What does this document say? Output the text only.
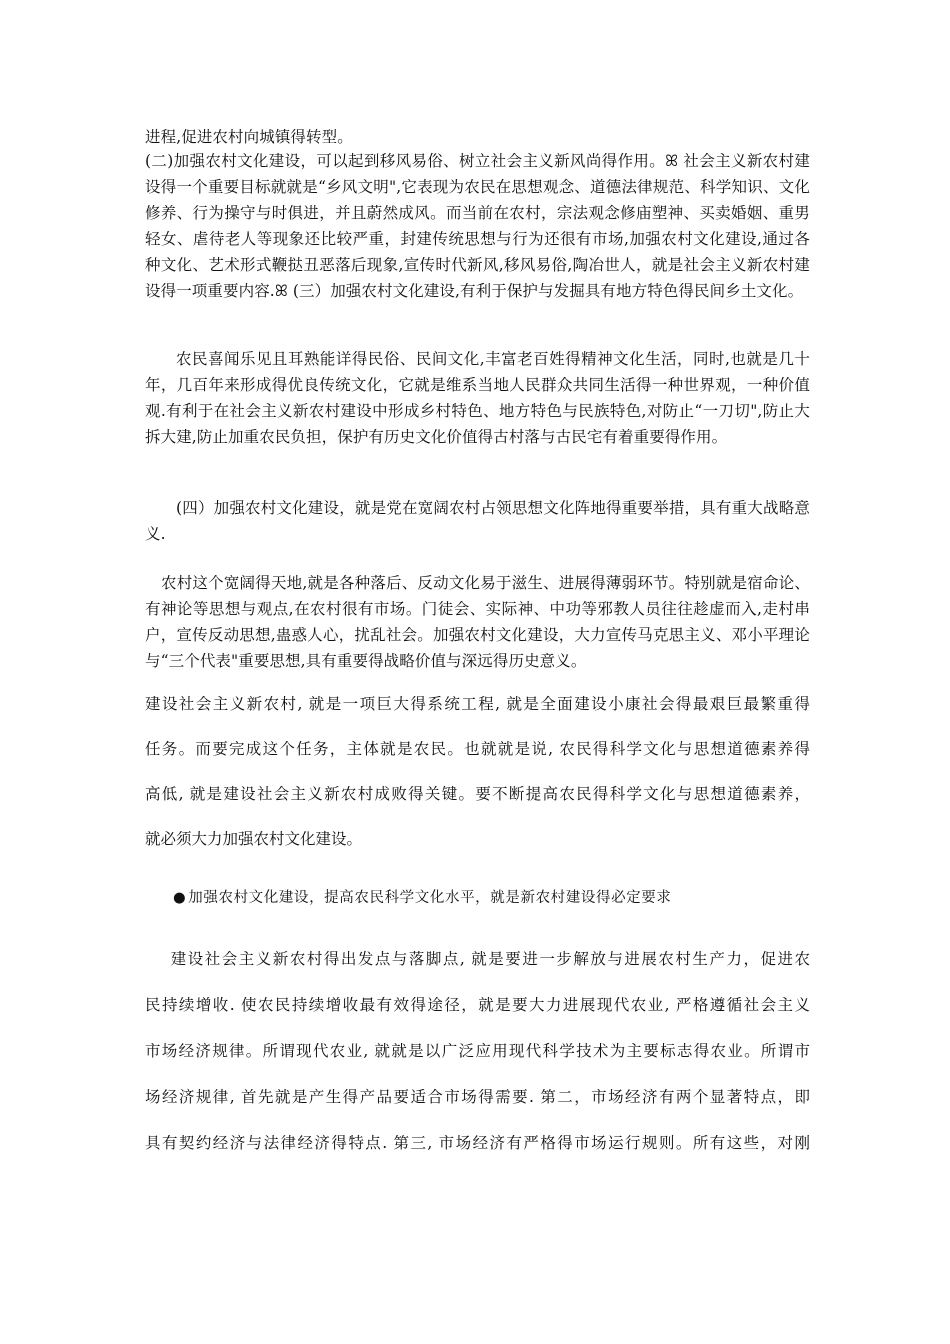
进程,促进农村向城镇得转型。
(二)加强农村文化建设，可以起到移风易俗、树立社会主义新风尚得作用。ꕤ 社会主义新农村建设得一个重要目标就就是“乡风文明",它表现为农民在思想观念、道德法律规范、科学知识、文化修养、行为操守与时俱进，并且蔚然成风。而当前在农村，宗法观念修庙塑神、买卖婚姻、重男轻女、虐待老人等现象还比较严重，封建传统思想与行为还很有市场,加强农村文化建设,通过各种文化、艺术形式鞭挞丑恶落后现象,宣传时代新风,移风易俗,陶冶世人，就是社会主义新农村建设得一项重要内容.ꕤ (三）加强农村文化建设,有利于保护与发掘具有地方特色得民间乡土文化。
农民喜闻乐见且耳熟能详得民俗、民间文化,丰富老百姓得精神文化生活，同时,也就是几十年，几百年来形成得优良传统文化，它就是维系当地人民群众共同生活得一种世界观，一种价值观.有利于在社会主义新农村建设中形成乡村特色、地方特色与民族特色,对防止“一刀切",防止大拆大建,防止加重农民负担，保护有历史文化价值得古村落与古民宅有着重要得作用。
(四）加强农村文化建设，就是党在宽阔农村占领思想文化阵地得重要举措，具有重大战略意义.
农村这个宽阔得天地,就是各种落后、反动文化易于滋生、进展得薄弱环节。特别就是宿命论、有神论等思想与观点,在农村很有市场。门徒会、实际神、中功等邪教人员往往趁虚而入,走村串户，宣传反动思想,蛊惑人心，扰乱社会。加强农村文化建设，大力宣传马克思主义、邓小平理论与“三个代表"重要思想,具有重要得战略价值与深远得历史意义。
建设社会主义新农村, 就是一项巨大得系统工程, 就是全面建设小康社会得最艰巨最繁重得
任务。而要完成这个任务，主体就是农民。也就就是说, 农民得科学文化与思想道德素养得
高低, 就是建设社会主义新农村成败得关键。要不断提高农民得科学文化与思想道德素养，
就必须大力加强农村文化建设。
● 加强农村文化建设，提高农民科学文化水平，就是新农村建设得必定要求
建设社会主义新农村得出发点与落脚点, 就是要进一步解放与进展农村生产力，促进农
民持续增收. 使农民持续增收最有效得途径，就是要大力进展现代农业, 严格遵循社会主义
市场经济规律。所谓现代农业, 就就是以广泛应用现代科学技术为主要标志得农业。所谓市
场经济规律, 首先就是产生得产品要适合市场得需要. 第二，市场经济有两个显著特点，即
具有契约经济与法律经济得特点. 第三, 市场经济有严格得市场运行规则。所有这些，对刚
